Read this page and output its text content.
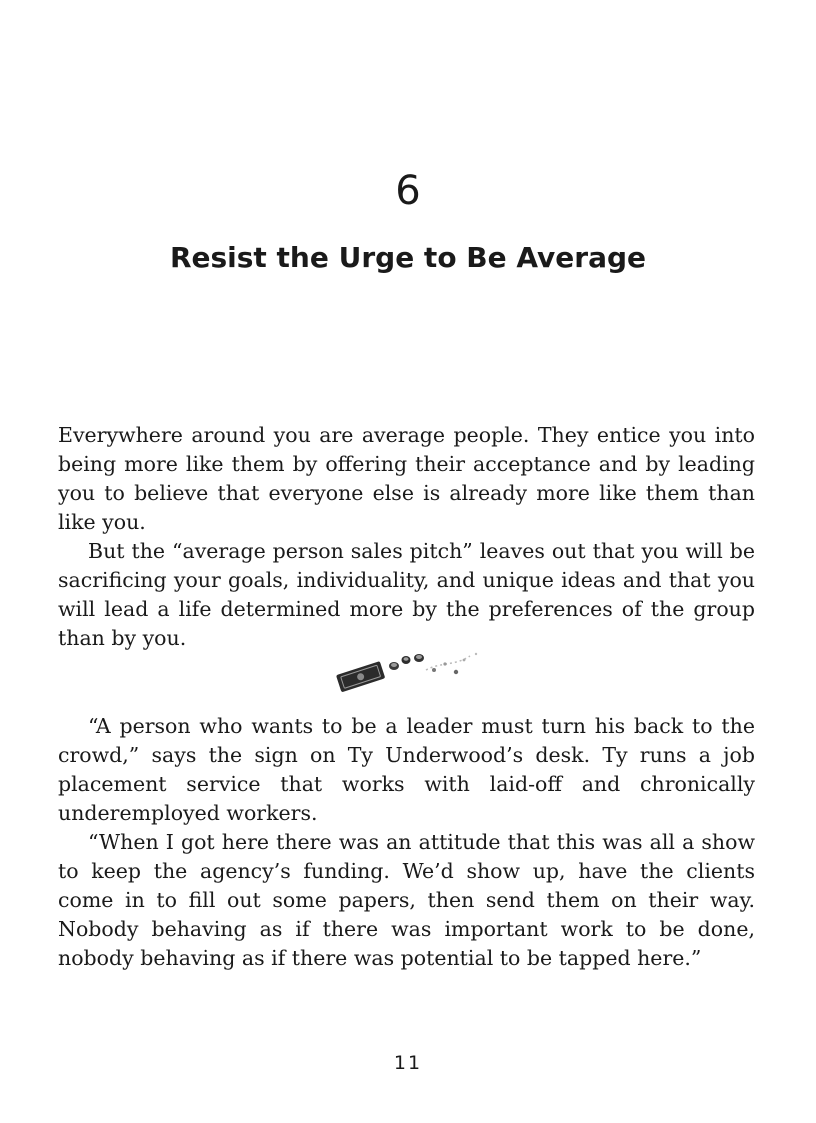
6
Resist the Urge to Be Average

Everywhere around you are average people. They entice you into being more like them by offering their acceptance and by leading you to believe that everyone else is already more like them than like you.

But the “average person sales pitch” leaves out that you will be sacrificing your goals, individuality, and unique ideas and that you will lead a life determined more by the preferences of the group than by you.

“A person who wants to be a leader must turn his back to the crowd,” says the sign on Ty Underwood’s desk. Ty runs a job placement service that works with laid-off and chronically underemployed workers.

“When I got here there was an attitude that this was all a show to keep the agency’s funding. We’d show up, have the clients come in to fill out some papers, then send them on their way. Nobody behaving as if there was important work to be done, nobody behaving as if there was potential to be tapped here.”

11
